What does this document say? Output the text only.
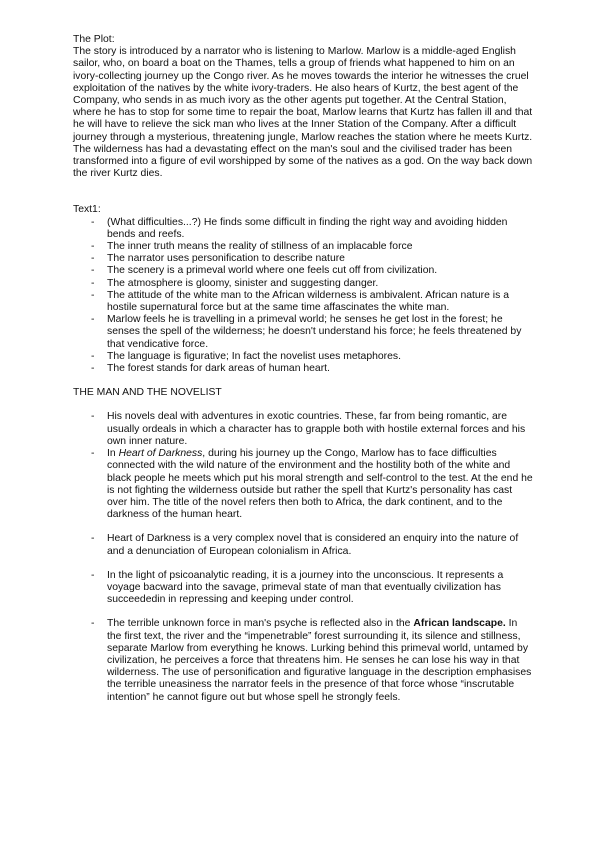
The Plot:

The story is introduced by a narrator who is listening to Marlow. Marlow is a middle-aged English sailor, who, on board a boat on the Thames, tells a group of friends what happened to him on an ivory-collecting journey up the Congo river. As he moves towards the interior he witnesses the cruel exploitation of the natives by the white ivory-traders. He also hears of Kurtz, the best agent of the Company, who sends in as much ivory as the other agents put together. At the Central Station, where he has to stop for some time to repair the boat, Marlow learns that Kurtz has fallen ill and that he will have to relieve the sick man who lives at the Inner Station of the Company. After a difficult journey through a mysterious, threatening jungle, Marlow reaches the station where he meets Kurtz. The wilderness has had a devastating effect on the man's soul and the civilised trader has been transformed into a figure of evil worshipped by some of the natives as a god. On the way back down the river Kurtz dies.

Text1:

- (What difficulties...?) He finds some difficult in finding the right way and avoiding hidden bends and reefs.
- The inner truth means the reality of stillness of an implacable force
- The narrator uses personification to describe nature
- The scenery is a primeval world where one feels cut off from civilization.
- The atmosphere is gloomy, sinister and suggesting danger.
- The attitude of the white man to the African wilderness is ambivalent. African nature is a hostile supernatural force but at the same time affascinates the white man.
- Marlow feels he is travelling in a primeval world; he senses he get lost in the forest; he senses the spell of the wilderness; he doesn't understand his force; he feels threatened by that vendicative force.
- The language is figurative; In fact the novelist uses metaphores.
- The forest stands for dark areas of human heart.

THE MAN AND THE NOVELIST

- His novels deal with adventures in exotic countries. These, far from being romantic, are usually ordeals in which a character has to grapple both with hostile external forces and his own inner nature.
- In Heart of Darkness, during his journey up the Congo, Marlow has to face difficulties connected with the wild nature of the environment and the hostility both of the white and black people he meets which put his moral strength and self-control to the test. At the end he is not fighting the wilderness outside but rather the spell that Kurtz's personality has cast over him. The title of the novel refers then both to Africa, the dark continent, and to the darkness of the human heart.
- Heart of Darkness is a very complex novel that is considered an enquiry into the nature of and a denunciation of European colonialism in Africa.
- In the light of psicoanalytic reading, it is a journey into the unconscious. It represents a voyage bacward into the savage, primeval state of man that eventually civilization has succeededin in repressing and keeping under control.
- The terrible unknown force in man's psyche is reflected also in the African landscape. In the first text, the river and the “impenetrable” forest surrounding it, its silence and stillness, separate Marlow from everything he knows. Lurking behind this primeval world, untamed by civilization, he perceives a force that threatens him. He senses he can lose his way in that wilderness. The use of personification and figurative language in the description emphasises the terrible uneasiness the narrator feels in the presence of that force whose “inscrutable intention” he cannot figure out but whose spell he strongly feels.
